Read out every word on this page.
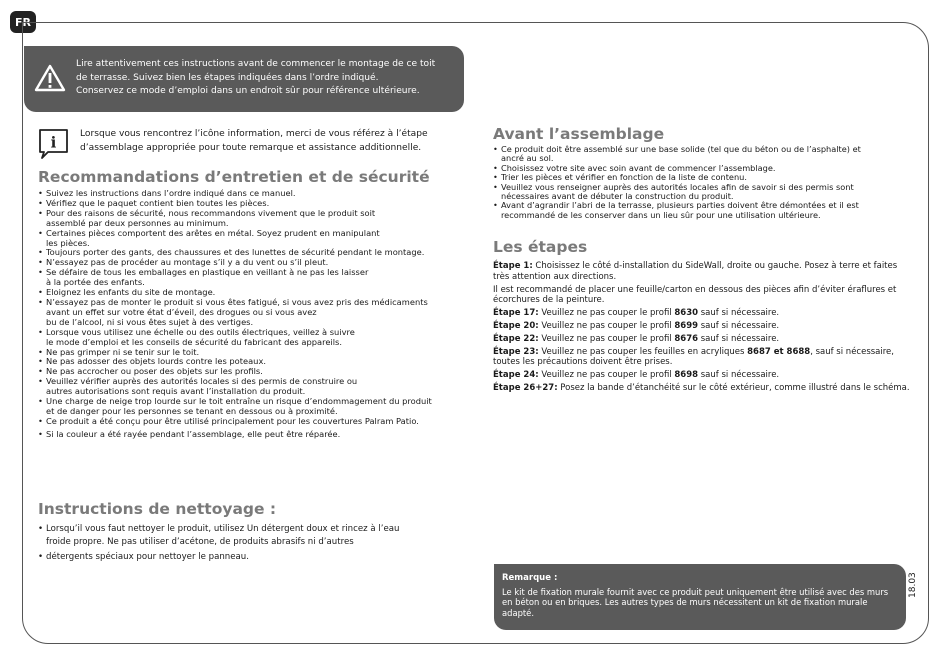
FR
Lire attentivement ces instructions avant de commencer le montage de ce toit
de terrasse. Suivez bien les étapes indiquées dans l’ordre indiqué.
Conservez ce mode d’emploi dans un endroit sûr pour référence ultérieure.
i	Lorsque vous rencontrez l’icône information, merci de vous référez à l’étape
d’assemblage appropriée pour toute remarque et assistance additionnelle.
Recommandations d’entretien et de sécurité
• Suivez les instructions dans l’ordre indiqué dans ce manuel.
• Vérifiez que le paquet contient bien toutes les pièces.
• Pour des raisons de sécurité, nous recommandons vivement que le produit soit
assemblé par deux personnes au minimum.
• Certaines pièces comportent des arêtes en métal. Soyez prudent en manipulant
les pièces.
• Toujours porter des gants, des chaussures et des lunettes de sécurité pendant le montage.
• N’essayez pas de procéder au montage s’il y a du vent ou s’il pleut.
• Se défaire de tous les emballages en plastique en veillant à ne pas les laisser
à la portée des enfants.
• Eloignez les enfants du site de montage.
• N’essayez pas de monter le produit si vous êtes fatigué, si vous avez pris des médicaments
avant un effet sur votre état d’éveil, des drogues ou si vous avez
bu de l’alcool, ni si vous êtes sujet à des vertiges.
• Lorsque vous utilisez une échelle ou des outils électriques, veillez à suivre
le mode d’emploi et les conseils de sécurité du fabricant des appareils.
• Ne pas grimper ni se tenir sur le toit.
• Ne pas adosser des objets lourds contre les poteaux.
• Ne pas accrocher ou poser des objets sur les profils.
• Veuillez vérifier auprès des autorités locales si des permis de construire ou
autres autorisations sont requis avant l’installation du produit.
• Une charge de neige trop lourde sur le toit entraîne un risque d’endommagement du produit
et de danger pour les personnes se tenant en dessous ou à proximité.
• Ce produit a été conçu pour être utilisé principalement pour les couvertures Palram Patio.
• Si la couleur a été rayée pendant l’assemblage, elle peut être réparée.
Instructions de nettoyage :
• Lorsqu’il vous faut nettoyer le produit, utilisez Un détergent doux et rincez à l’eau
froide propre. Ne pas utiliser d’acétone, de produits abrasifs ni d’autres
• détergents spéciaux pour nettoyer le panneau.
Avant l’assemblage
• Ce produit doit être assemblé sur une base solide (tel que du béton ou de l’asphalte) et
ancré au sol.
• Choisissez votre site avec soin avant de commencer l’assemblage.
• Trier les pièces et vérifier en fonction de la liste de contenu.
• Veuillez vous renseigner auprès des autorités locales afin de savoir si des permis sont
nécessaires avant de débuter la construction du produit.
• Avant d’agrandir l’abri de la terrasse, plusieurs parties doivent être démontées et il est
recommandé de les conserver dans un lieu sûr pour une utilisation ultérieure.
Les étapes

Étape 1: Choisissez le côté d-installation du SideWall, droite ou gauche. Posez à terre et faites très attention aux directions.

Il est recommandé de placer une feuille/carton en dessous des pièces afin d’éviter éraflures et écorchures de la peinture.

Étape 17: Veuillez ne pas couper le profil 8630 sauf si nécessaire.

Étape 20: Veuillez ne pas couper le profil 8699 sauf si nécessaire.

Étape 22: Veuillez ne pas couper le profil 8676 sauf si nécessaire.

Étape 23: Veuillez ne pas couper les feuilles en acryliques 8687 et 8688, sauf si nécessaire, toutes les précautions doivent être prises.

Étape 24: Veuillez ne pas couper le profil 8698 sauf si nécessaire.

Étape 26+27: Posez la bande d’étanchéité sur le côté extérieur, comme illustré dans le schéma.

Remarque :
Le kit de fixation murale fournit avec ce produit peut uniquement être utilisé avec des murs en béton ou en briques. Les autres types de murs nécessitent un kit de fixation murale adapté.
18.03
